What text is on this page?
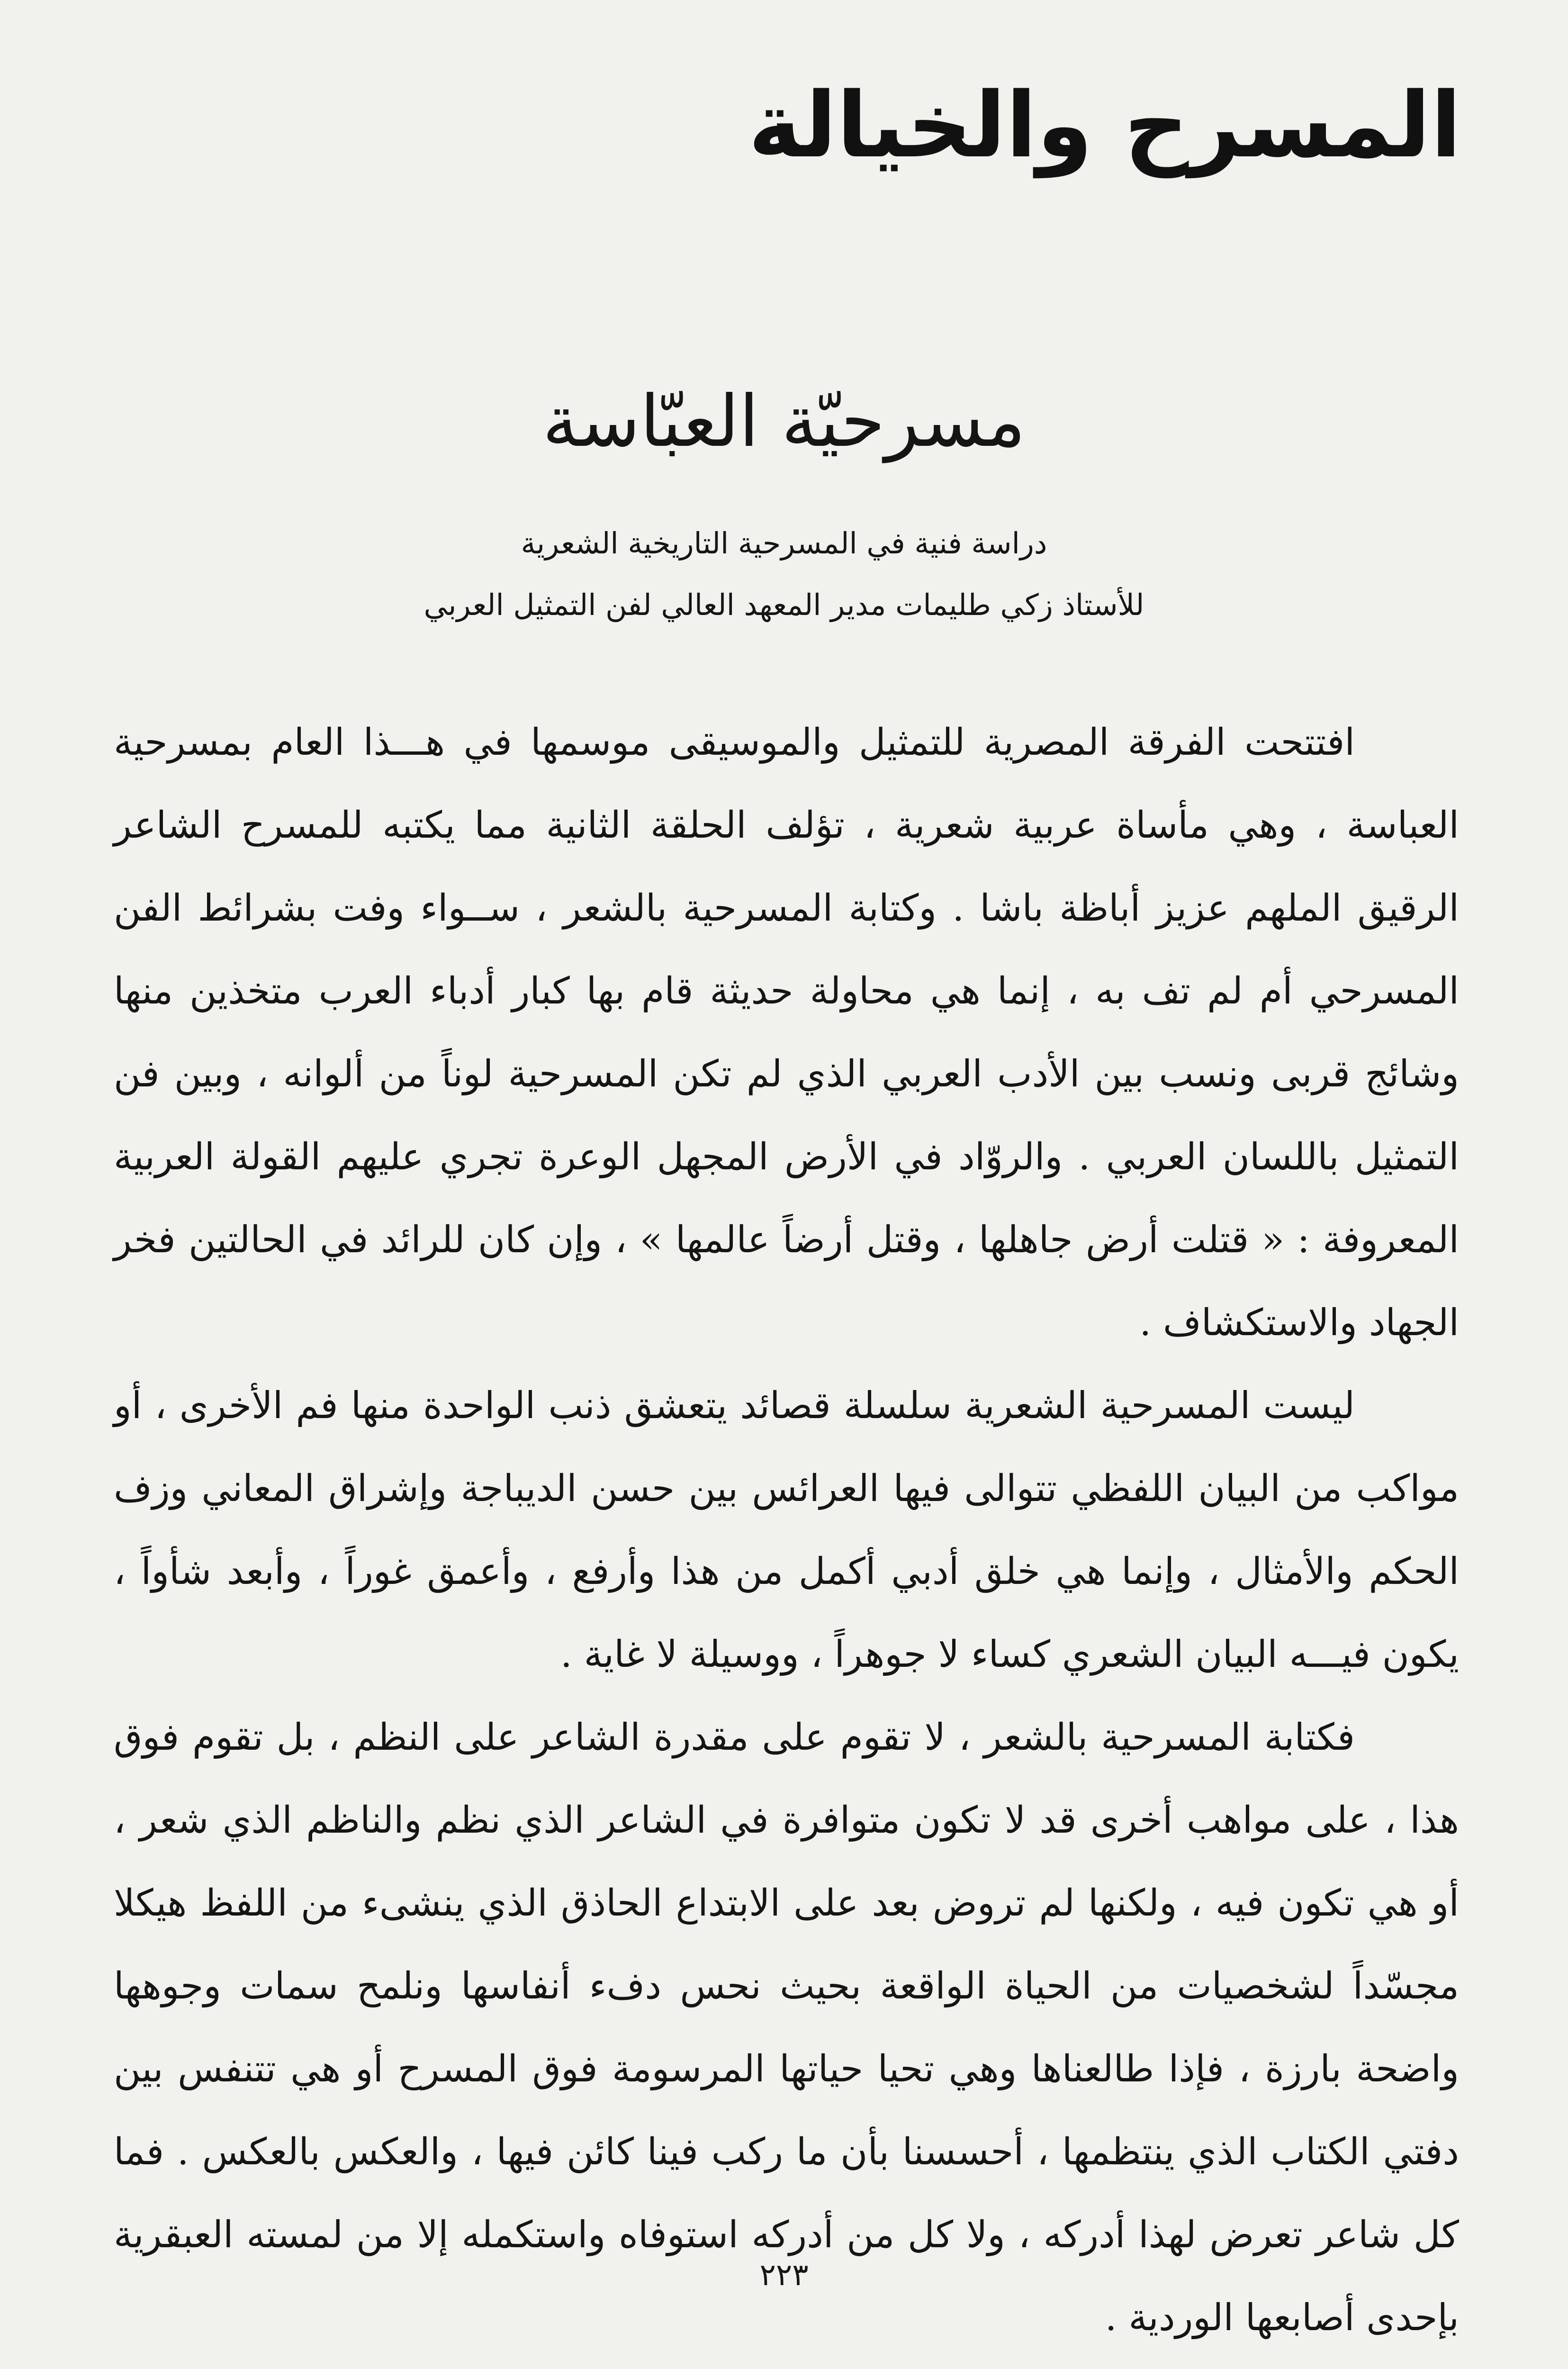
المسرح والخيالة
مسرحيّة العبّاسة
دراسة فنية في المسرحية التاريخية الشعرية
للأستاذ زكي طليمات مدير المعهد العالي لفن التمثيل العربي

افتتحت الفرقة المصرية للتمثيل والموسيقى موسمها في هـــذا العام بمسرحية العباسة ، وهي مأساة عربية شعرية ، تؤلف الحلقة الثانية مما يكتبه للمسرح الشاعر الرقيق الملهم عزيز أباظة باشا . وكتابة المسرحية بالشعر ، ســواء وفت بشرائط الفن المسرحي أم لم تف به ، إنما هي محاولة حديثة قام بها كبار أدباء العرب متخذين منها وشائج قربى ونسب بين الأدب العربي الذي لم تكن المسرحية لوناً من ألوانه ، وبين فن التمثيل باللسان العربي . والروّاد في الأرض المجهل الوعرة تجري عليهم القولة العربية المعروفة : « قتلت أرض جاهلها ، وقتل أرضاً عالمها » ، وإن كان للرائد في الحالتين فخر الجهاد والاستكشاف .

ليست المسرحية الشعرية سلسلة قصائد يتعشق ذنب الواحدة منها فم الأخرى ، أو مواكب من البيان اللفظي تتوالى فيها العرائس بين حسن الديباجة وإشراق المعاني وزف الحكم والأمثال ، وإنما هي خلق أدبي أكمل من هذا وأرفع ، وأعمق غوراً ، وأبعد شأواً ، يكون فيـــه البيان الشعري كساء لا جوهراً ، ووسيلة لا غاية .

فكتابة المسرحية بالشعر ، لا تقوم على مقدرة الشاعر على النظم ، بل تقوم فوق هذا ، على مواهب أخرى قد لا تكون متوافرة في الشاعر الذي نظم والناظم الذي شعر ، أو هي تكون فيه ، ولكنها لم تروض بعد على الابتداع الحاذق الذي ينشىء من اللفظ هيكلا مجسّداً لشخصيات من الحياة الواقعة بحيث نحس دفء أنفاسها ونلمح سمات وجوهها واضحة بارزة ، فإذا طالعناها وهي تحيا حياتها المرسومة فوق المسرح أو هي تتنفس بين دفتي الكتاب الذي ينتظمها ، أحسسنا بأن ما ركب فينا كائن فيها ، والعكس بالعكس . فما كل شاعر تعرض لهذا أدركه ، ولا كل من أدركه استوفاه واستكمله إلا من لمسته العبقرية بإحدى أصابعها الوردية .

٢٢٣
